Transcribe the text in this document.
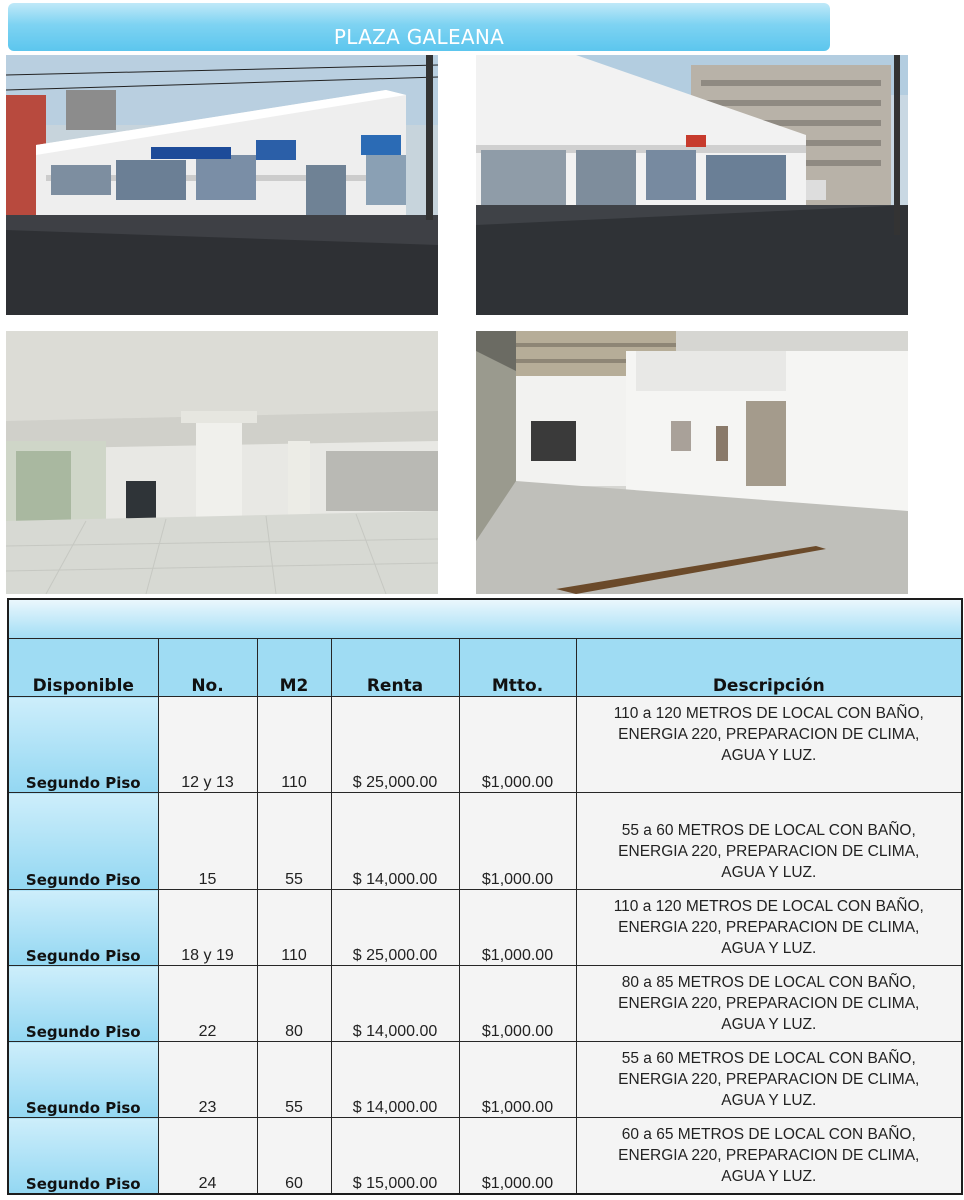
PLAZA GALEANA

Disponible	No.	M2	Renta	Mtto.	Descripción
Segundo Piso	12 y 13	110	$ 25,000.00	$1,000.00	110 a 120 METROS DE LOCAL CON BAÑO,
ENERGIA 220, PREPARACION DE CLIMA,
AGUA Y LUZ.
Segundo Piso	15	55	$ 14,000.00	$1,000.00	55 a 60 METROS DE LOCAL CON BAÑO,
ENERGIA 220, PREPARACION DE CLIMA,
AGUA Y LUZ.
Segundo Piso	18 y 19	110	$ 25,000.00	$1,000.00	110 a 120 METROS DE LOCAL CON BAÑO,
ENERGIA 220, PREPARACION DE CLIMA,
AGUA Y LUZ.
Segundo Piso	22	80	$ 14,000.00	$1,000.00	80 a 85 METROS DE LOCAL CON BAÑO,
ENERGIA 220, PREPARACION DE CLIMA,
AGUA Y LUZ.
Segundo Piso	23	55	$ 14,000.00	$1,000.00	55 a 60 METROS DE LOCAL CON BAÑO,
ENERGIA 220, PREPARACION DE CLIMA,
AGUA Y LUZ.
Segundo Piso	24	60	$ 15,000.00	$1,000.00	60 a 65 METROS DE LOCAL CON BAÑO,
ENERGIA 220, PREPARACION DE CLIMA,
AGUA Y LUZ.
